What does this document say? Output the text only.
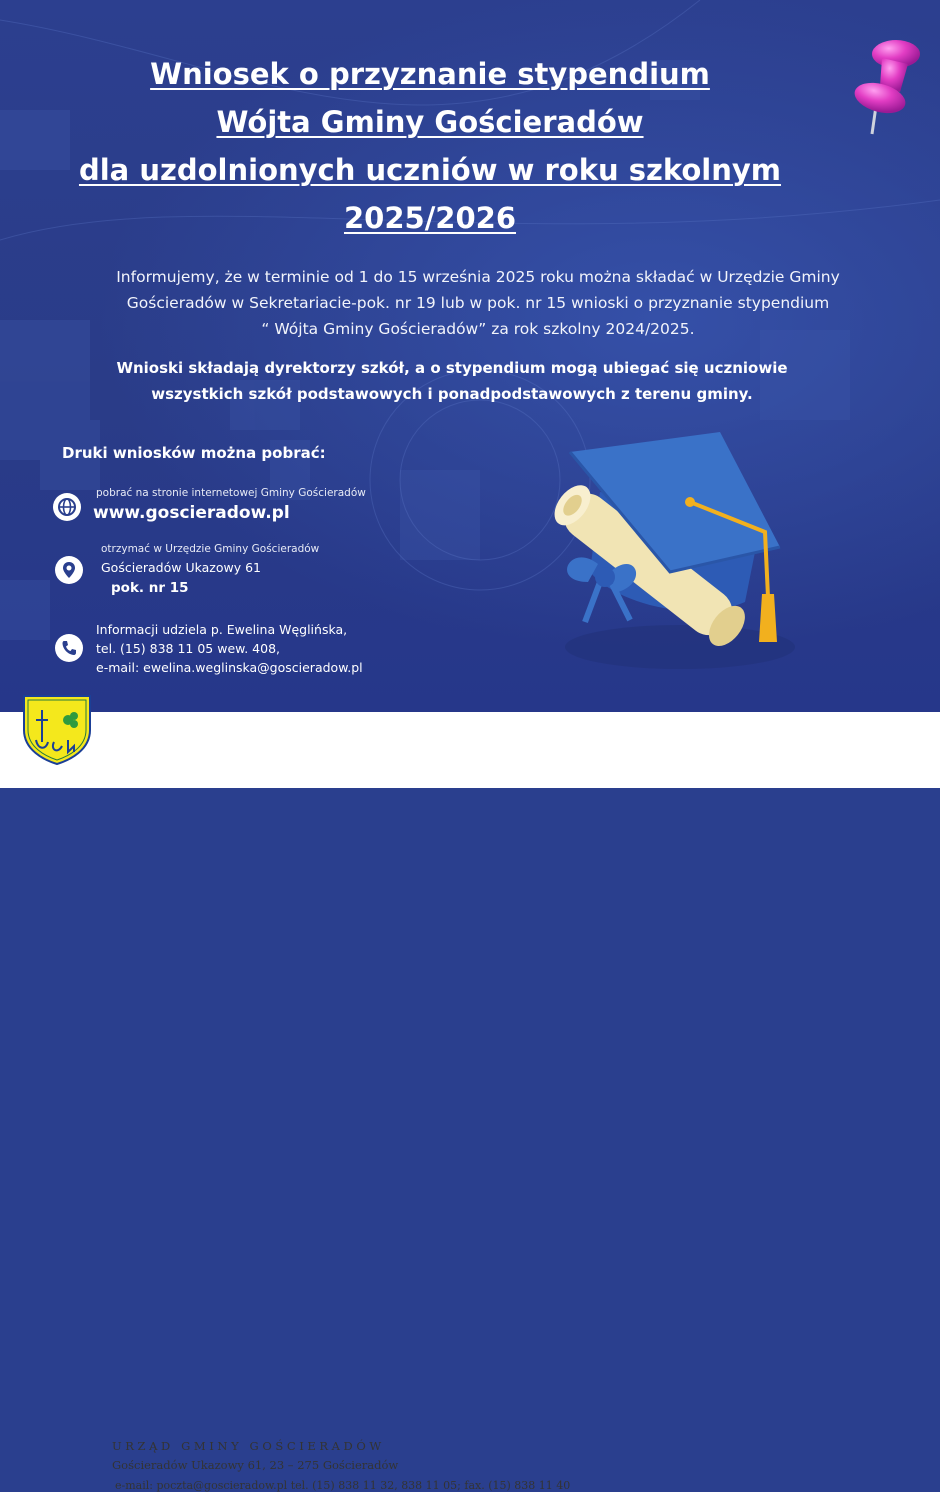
Wniosek o przyznanie stypendium
Wójta Gminy Gościeradów
dla uzdolnionych uczniów w roku szkolnym
2025/2026
Informujemy, że w terminie od 1 do 15 września 2025 roku można składać w Urzędzie Gminy
Gościeradów w Sekretariacie-pok. nr 19 lub w pok. nr 15 wnioski o przyznanie stypendium
“ Wójta Gminy Gościeradów” za rok szkolny 2024/2025.
Wnioski składają dyrektorzy szkół, a o stypendium mogą ubiegać się uczniowie
wszystkich szkół podstawowych i ponadpodstawowych z terenu gminy.
Druki wniosków można pobrać:
pobrać na stronie internetowej Gminy Gościeradów
www.goscieradow.pl
otrzymać w Urzędzie Gminy Gościeradów
Gościeradów Ukazowy 61
pok. nr 15
Informacji udziela p. Ewelina Węglińska,
tel. (15) 838 11 05 wew. 408,
e-mail: ewelina.weglinska@goscieradow.pl
URZĄD GMINY GOŚCIERADÓW
Gościeradów Ukazowy 61, 23 – 275 Gościeradów
e-mail: poczta@goscieradow.pl tel. (15) 838 11 32, 838 11 05; fax. (15) 838 11 40
